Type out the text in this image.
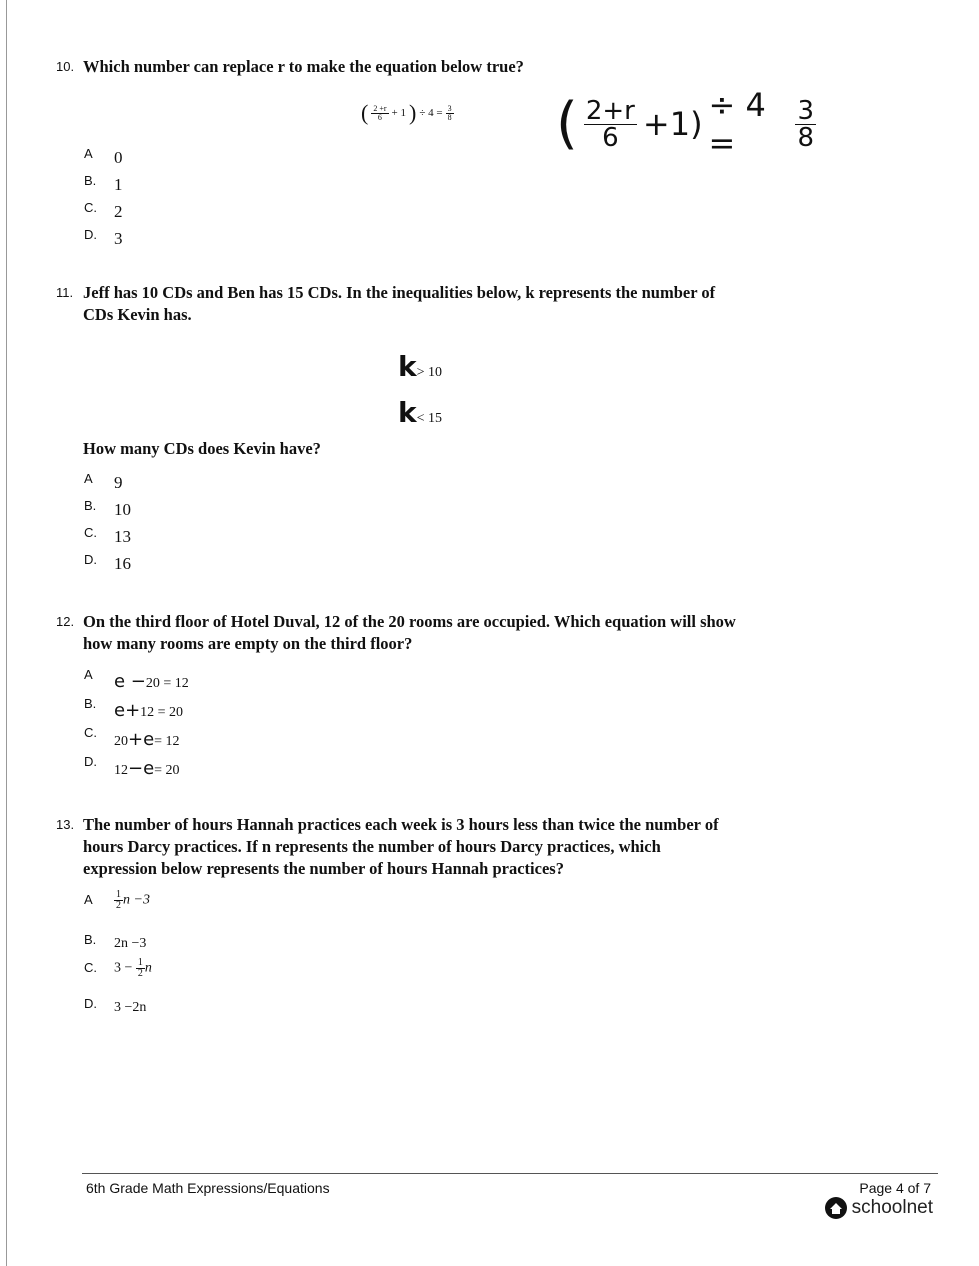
10. Which number can replace r to make the equation below true?
( $\frac{2 +r}{6} + 1$ ) ÷ $4 = \frac{3}{8}$ ( $\frac{2+r}{6} +1) \div 4$ =	$\frac{3}{8}$
A 0
B. 1
C. 2
D. 3
11. Jeff has 10 CDs and Ben has 15 CDs. In the inequalities below, k represents the number of
CDs Kevin has.
k> 10
k< 15
How many CDs does Kevin have?
A 9
B. 10
C. 13
D. 16
12. On the third floor of Hotel Duval, 12 of the 20 rooms are occupied. Which equation will show
how many rooms are empty on the third floor?
A e −20 = 12
B. e+12 = 20
C.
20+e= 12
D.
12−e= 20
13. The number of hours Hannah practices each week is 3 hours less than twice the number of
hours Darcy practices. If n represents the number of hours Darcy practices, which
expression below represents the number of hours Hannah practices?
A $\frac{1}{2}$ n −3
B. 2n −3
C. $3 - \frac{1}{2}$ n
D. 3 −2n
6th Grade Math Expressions/Equations	Page 4 of 7
schoolnet
